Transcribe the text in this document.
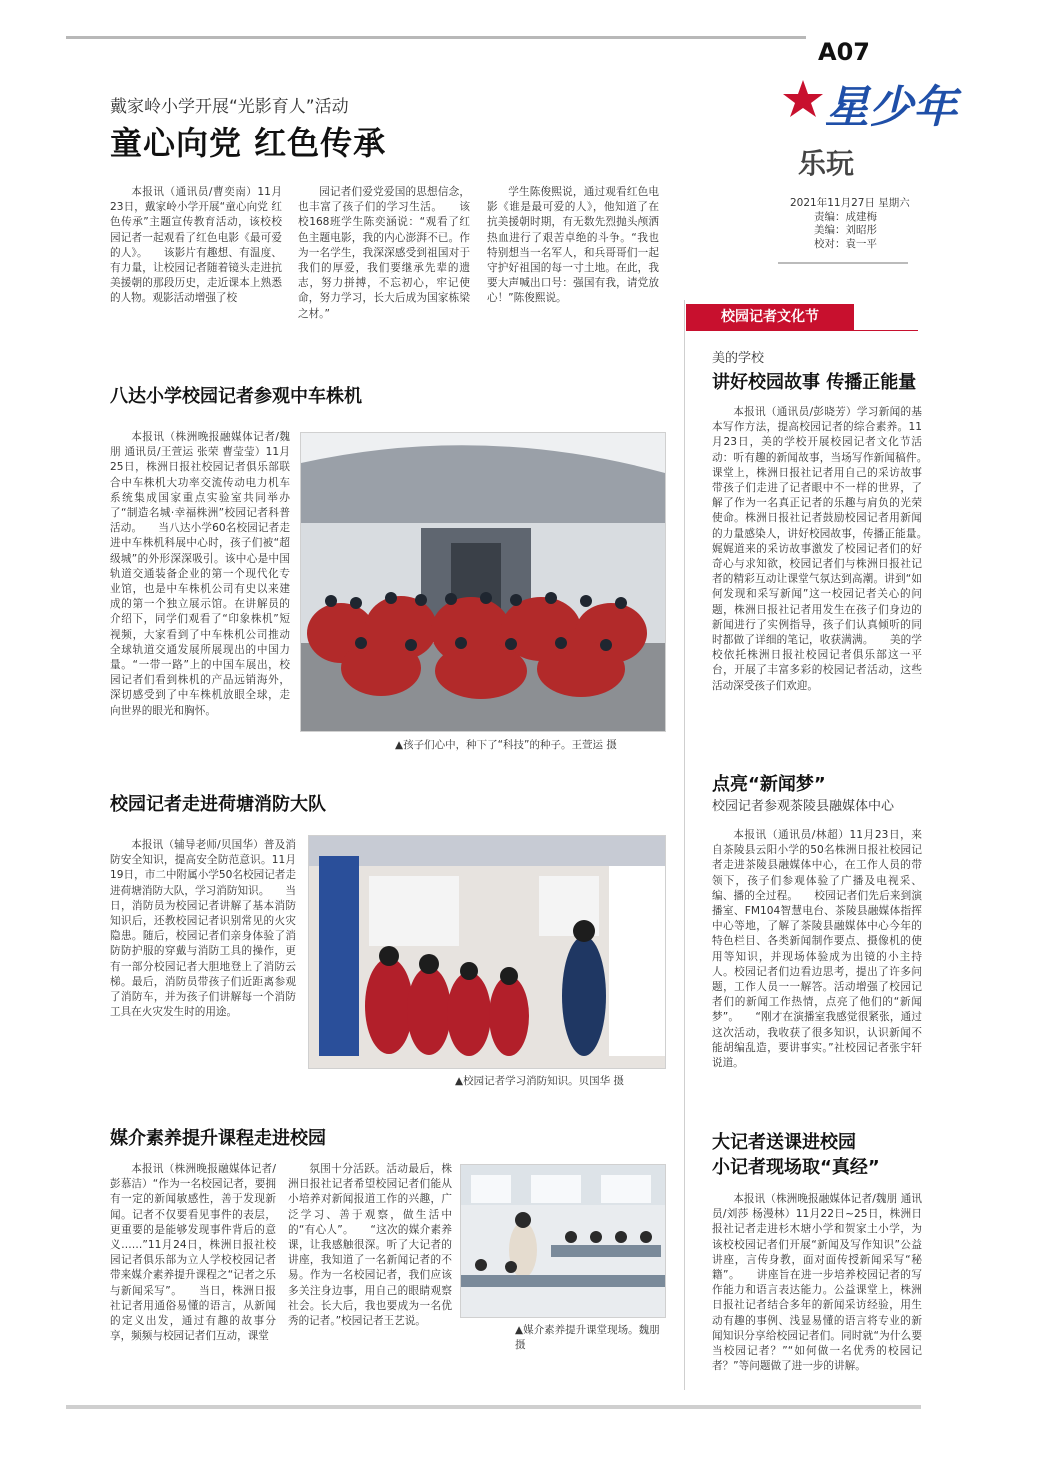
A07
星少年
乐玩
2021年11月27日 星期六
责编：成建梅
美编：刘昭彤
校对：袁一平
戴家岭小学开展“光影育人”活动
童心向党 红色传承
本报讯（通讯员/曹奕南）11月23日，戴家岭小学开展“童心向党 红色传承”主题宣传教育活动，该校校园记者一起观看了红色电影《最可爱的人》。　　该影片有趣想、有温度、有力量，让校园记者随着镜头走进抗美援朝的那段历史，走近课本上熟悉的人物。观影活动增强了校
园记者们爱党爱国的思想信念，也丰富了孩子们的学习生活。　　该校168班学生陈奕涵说：“观看了红色主题电影，我的内心澎湃不已。作为一名学生，我深深感受到祖国对于我们的厚爱，我们要继承先辈的遗志，努力拼搏，不忘初心，牢记使命，努力学习，长大后成为国家栋梁之材。”
学生陈俊熙说，通过观看红色电影《谁是最可爱的人》，他知道了在抗美援朝时期，有无数先烈抛头颅洒热血进行了艰苦卓绝的斗争。“我也特别想当一名军人，和兵哥哥们一起守护好祖国的每一寸土地。在此，我要大声喊出口号：强国有我，请党放心！”陈俊熙说。
八达小学校园记者参观中车株机
本报讯（株洲晚报融媒体记者/魏朋 通讯员/王萱运 张荣 曹莹莹）11月25日，株洲日报社校园记者俱乐部联合中车株机大功率交流传动电力机车系统集成国家重点实验室共同举办了“制造名城·幸福株洲”校园记者科普活动。　　当八达小学60名校园记者走进中车株机科展中心时，孩子们被“超级城”的外形深深吸引。该中心是中国轨道交通装备企业的第一个现代化专业馆，也是中车株机公司有史以来建成的第一个独立展示馆。在讲解员的介绍下，同学们观看了“印象株机”短视频，大家看到了中车株机公司推动全球轨道交通发展所展现出的中国力量。“一带一路”上的中国车展出，校园记者们看到株机的产品远销海外，深切感受到了中车株机放眼全球，走向世界的眼光和胸怀。
▲孩子们心中，种下了“科技”的种子。王萱运 摄
校园记者走进荷塘消防大队
本报讯（辅导老师/贝国华）普及消防安全知识，提高安全防范意识。11月19日，市二中附属小学50名校园记者走进荷塘消防大队，学习消防知识。　　当日，消防员为校园记者讲解了基本消防知识后，还教校园记者识别常见的火灾隐患。随后，校园记者们亲身体验了消防防护服的穿戴与消防工具的操作，更有一部分校园记者大胆地登上了消防云梯。最后，消防员带孩子们近距离参观了消防车，并为孩子们讲解每一个消防工具在火灾发生时的用途。
▲校园记者学习消防知识。贝国华 摄
媒介素养提升课程走进校园
本报讯（株洲晚报融媒体记者/彭慕洁）“作为一名校园记者，要拥有一定的新闻敏感性，善于发现新闻。记者不仅要看见事件的表层，更重要的是能够发现事件背后的意义……”11月24日，株洲日报社校园记者俱乐部为立人学校校园记者带来媒介素养提升课程之“记者之乐与新闻采写”。　　当日，株洲日报社记者用通俗易懂的语言，从新闻的定义出发，通过有趣的故事分享，频频与校园记者们互动，课堂
氛围十分活跃。活动最后，株洲日报社记者希望校园记者们能从小培养对新闻报道工作的兴趣，广泛学习、善于观察，做生活中的“有心人”。　　“这次的媒介素养课，让我感触很深。听了大记者的讲座，我知道了一名新闻记者的不易。作为一名校园记者，我们应该多关注身边事，用自己的眼睛观察社会。长大后，我也要成为一名优秀的记者。”校园记者王艺说。
▲媒介素养提升课堂现场。魏朋 摄
校园记者文化节
美的学校
讲好校园故事 传播正能量
本报讯（通讯员/彭晓芳）学习新闻的基本写作方法，提高校园记者的综合素养。11月23日，美的学校开展校园记者文化节活动：听有趣的新闻故事，当场写作新闻稿件。　　课堂上，株洲日报社记者用自己的采访故事带孩子们走进了记者眼中不一样的世界，了解了作为一名真正记者的乐趣与肩负的光荣使命。株洲日报社记者鼓励校园记者用新闻的力量感染人，讲好校园故事，传播正能量。　　娓娓道来的采访故事激发了校园记者们的好奇心与求知欲，校园记者们与株洲日报社记者的精彩互动让课堂气氛达到高潮。讲到“如何发现和采写新闻”这一校园记者关心的问题，株洲日报社记者用发生在孩子们身边的新闻进行了实例指导，孩子们认真倾听的同时都做了详细的笔记，收获满满。　　美的学校依托株洲日报社校园记者俱乐部这一平台，开展了丰富多彩的校园记者活动，这些活动深受孩子们欢迎。
点亮“新闻梦”
校园记者参观茶陵县融媒体中心
本报讯（通讯员/林超）11月23日，来自茶陵县云阳小学的50名株洲日报社校园记者走进茶陵县融媒体中心，在工作人员的带领下，孩子们参观体验了广播及电视采、编、播的全过程。　　校园记者们先后来到演播室、FM104智慧电台、茶陵县融媒体指挥中心等地，了解了茶陵县融媒体中心今年的特色栏目、各类新闻制作要点、摄像机的使用等知识，并现场体验成为出镜的小主持人。校园记者们边看边思考，提出了许多问题，工作人员一一解答。活动增强了校园记者们的新闻工作热情，点亮了他们的“新闻梦”。　　“刚才在演播室我感觉很紧张，通过这次活动，我收获了很多知识，认识新闻不能胡编乱造，要讲事实。”社校园记者张宇轩说道。
大记者送课进校园
小记者现场取“真经”
本报讯（株洲晚报融媒体记者/魏朋 通讯员/刘莎 杨漫林）11月22日~25日，株洲日报社记者走进杉木塘小学和贺家土小学，为该校校园记者们开展“新闻及写作知识”公益讲座，言传身教，面对面传授新闻采写“秘籍”。　　讲座旨在进一步培养校园记者的写作能力和语言表达能力。公益课堂上，株洲日报社记者结合多年的新闻采访经验，用生动有趣的事例、浅显易懂的语言将专业的新闻知识分享给校园记者们。同时就“为什么要当校园记者？”“如何做一名优秀的校园记者？”等问题做了进一步的讲解。
